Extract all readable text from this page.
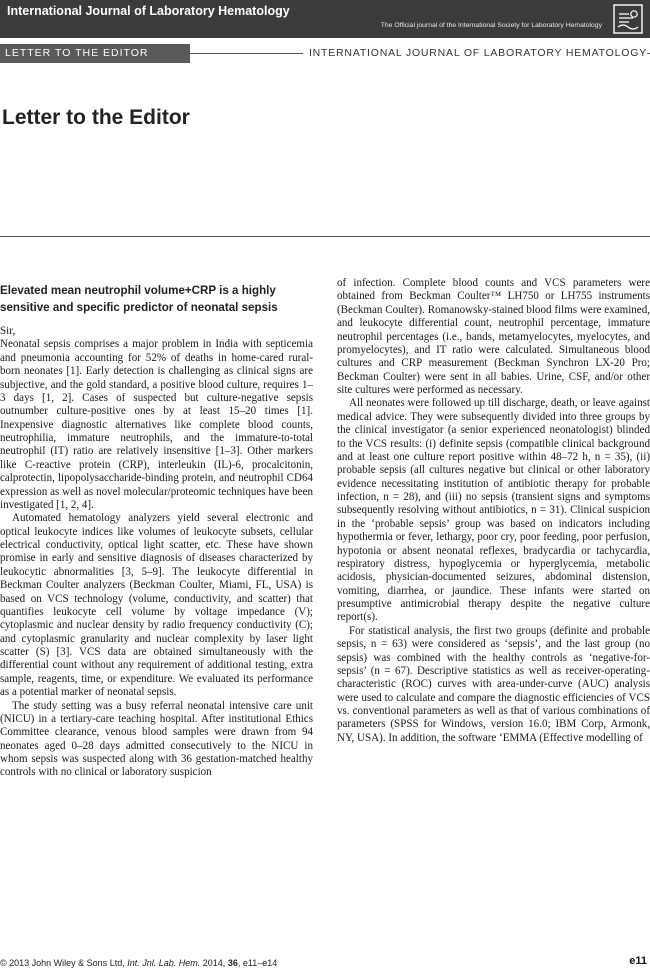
International Journal of Laboratory Hematology
The Official journal of the International Society for Laboratory Hematology
LETTER TO THE EDITOR	INTERNATIONAL JOURNAL OF LABORATORY HEMATOLOGY
Letter to the Editor
Elevated mean neutrophil volume+CRP is a highly sensitive and specific predictor of neonatal sepsis

Sir,

Neonatal sepsis comprises a major problem in India with septicemia and pneumonia accounting for 52% of deaths in home-cared rural-born neonates [1]. Early detection is challenging as clinical signs are subjective, and the gold standard, a positive blood culture, requires 1–3 days [1, 2]. Cases of suspected but culture-negative sepsis outnumber culture-positive ones by at least 15–20 times [1]. Inexpensive diagnostic alternatives like complete blood counts, neutrophilia, immature neutrophils, and the immature-to-total neutrophil (IT) ratio are relatively insensitive [1–3]. Other markers like C-reactive protein (CRP), interleukin (IL)-6, procalcitonin, calprotectin, lipopolysaccharide-binding protein, and neutrophil CD64 expression as well as novel molecular/proteomic techniques have been investigated [1, 2, 4].

Automated hematology analyzers yield several electronic and optical leukocyte indices like volumes of leukocyte subsets, cellular electrical conductivity, optical light scatter, etc. These have shown promise in early and sensitive diagnosis of diseases characterized by leukocytic abnormalities [3, 5–9]. The leukocyte differential in Beckman Coulter analyzers (Beckman Coulter, Miami, FL, USA) is based on VCS technology (volume, conductivity, and scatter) that quantifies leukocyte cell volume by voltage impedance (V); cytoplasmic and nuclear density by radio frequency conductivity (C); and cytoplasmic granularity and nuclear complexity by laser light scatter (S) [3]. VCS data are obtained simultaneously with the differential count without any requirement of additional testing, extra sample, reagents, time, or expenditure. We evaluated its performance as a potential marker of neonatal sepsis.

The study setting was a busy referral neonatal intensive care unit (NICU) in a tertiary-care teaching hospital. After institutional Ethics Committee clearance, venous blood samples were drawn from 94 neonates aged 0–28 days admitted consecutively to the NICU in whom sepsis was suspected along with 36 gestation-matched healthy controls with no clinical or laboratory suspicion

of infection. Complete blood counts and VCS parameters were obtained from Beckman Coulter™ LH750 or LH755 instruments (Beckman Coulter). Romanowsky-stained blood films were examined, and leukocyte differential count, neutrophil percentage, immature neutrophil percentages (i.e., bands, metamyelocytes, myelocytes, and promyelocytes), and IT ratio were calculated. Simultaneous blood cultures and CRP measurement (Beckman Synchron LX-20 Pro; Beckman Coulter) were sent in all babies. Urine, CSF, and/or other site cultures were performed as necessary.

All neonates were followed up till discharge, death, or leave against medical advice. They were subsequently divided into three groups by the clinical investigator (a senior experienced neonatologist) blinded to the VCS results: (i) definite sepsis (compatible clinical background and at least one culture report positive within 48–72 h, n = 35), (ii) probable sepsis (all cultures negative but clinical or other laboratory evidence necessitating institution of antibiotic therapy for probable infection, n = 28), and (iii) no sepsis (transient signs and symptoms subsequently resolving without antibiotics, n = 31). Clinical suspicion in the ‘probable sepsis’ group was based on indicators including hypothermia or fever, lethargy, poor cry, poor feeding, poor perfusion, hypotonia or absent neonatal reflexes, bradycardia or tachycardia, respiratory distress, hypoglycemia or hyperglycemia, metabolic acidosis, physician-documented seizures, abdominal distension, vomiting, diarrhea, or jaundice. These infants were started on presumptive antimicrobial therapy despite the negative culture report(s).

For statistical analysis, the first two groups (definite and probable sepsis, n = 63) were considered as ‘sepsis’, and the last group (no sepsis) was combined with the healthy controls as ‘negative-for-sepsis’ (n = 67). Descriptive statistics as well as receiver-operating-characteristic (ROC) curves with area-under-curve (AUC) analysis were used to calculate and compare the diagnostic efficiencies of VCS vs. conventional parameters as well as that of various combinations of parameters (SPSS for Windows, version 16.0; IBM Corp, Armonk, NY, USA). In addition, the software ‘EMMA (Effective modelling of

© 2013 John Wiley & Sons Ltd, Int. Jnl. Lab. Hem. 2014, 36, e11–e14	e11
